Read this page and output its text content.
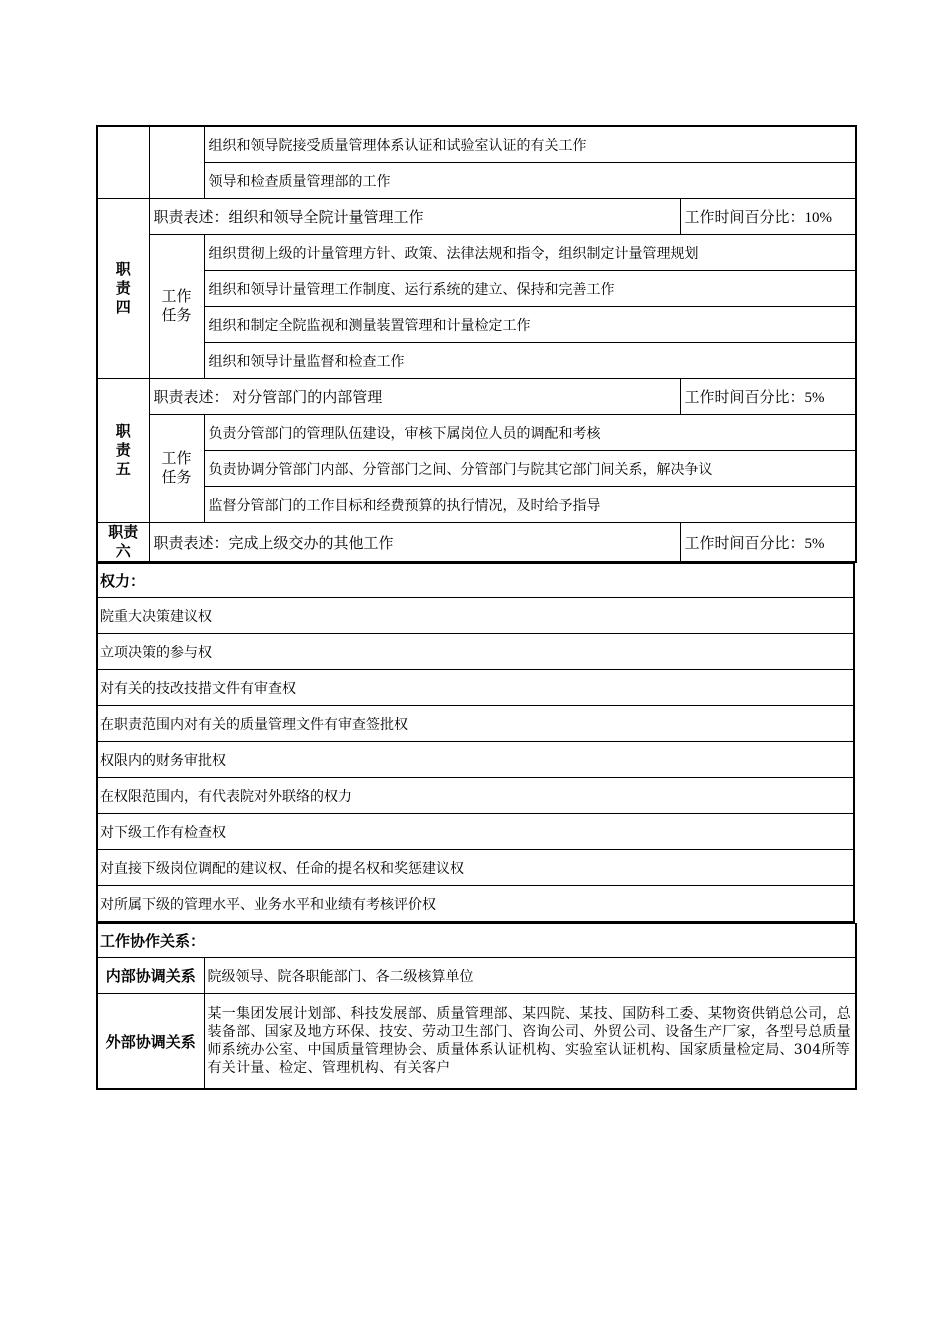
		组织和领导院接受质量管理体系认证和试验室认证的有关工作	
		领导和检查质量管理部的工作	
职责四	职责表述：组织和领导全院计量管理工作		工作时间百分比：10%
	工作任务	组织贯彻上级的计量管理方针、政策、法律法规和指令，组织制定计量管理规划	
		组织和领导计量管理工作制度、运行系统的建立、保持和完善工作	
		组织和制定全院监视和测量装置管理和计量检定工作	
		组织和领导计量监督和检查工作	
职责五	职责表述： 对分管部门的内部管理		工作时间百分比：5%
	工作任务	负责分管部门的管理队伍建设，审核下属岗位人员的调配和考核	
		负责协调分管部门内部、分管部门之间、分管部门与院其它部门间关系，解决争议	
		监督分管部门的工作目标和经费预算的执行情况，及时给予指导	
职责六	职责表述：完成上级交办的其他工作		工作时间百分比：5%
权力：
院重大决策建议权
立项决策的参与权
对有关的技改技措文件有审查权
在职责范围内对有关的质量管理文件有审查签批权
权限内的财务审批权
在权限范围内，有代表院对外联络的权力
对下级工作有检查权
对直接下级岗位调配的建议权、任命的提名权和奖惩建议权
对所属下级的管理水平、业务水平和业绩有考核评价权
工作协作关系：	
内部协调关系	院级领导、院各职能部门、各二级核算单位
外部协调关系	某一集团发展计划部、科技发展部、质量管理部、某四院、某技、国防科工委、某物资供销总公司，总装备部、国家及地方环保、技安、劳动卫生部门、咨询公司、外贸公司、设备生产厂家，各型号总质量师系统办公室、中国质量管理协会、质量体系认证机构、实验室认证机构、国家质量检定局、304所等有关计量、检定、管理机构、有关客户
